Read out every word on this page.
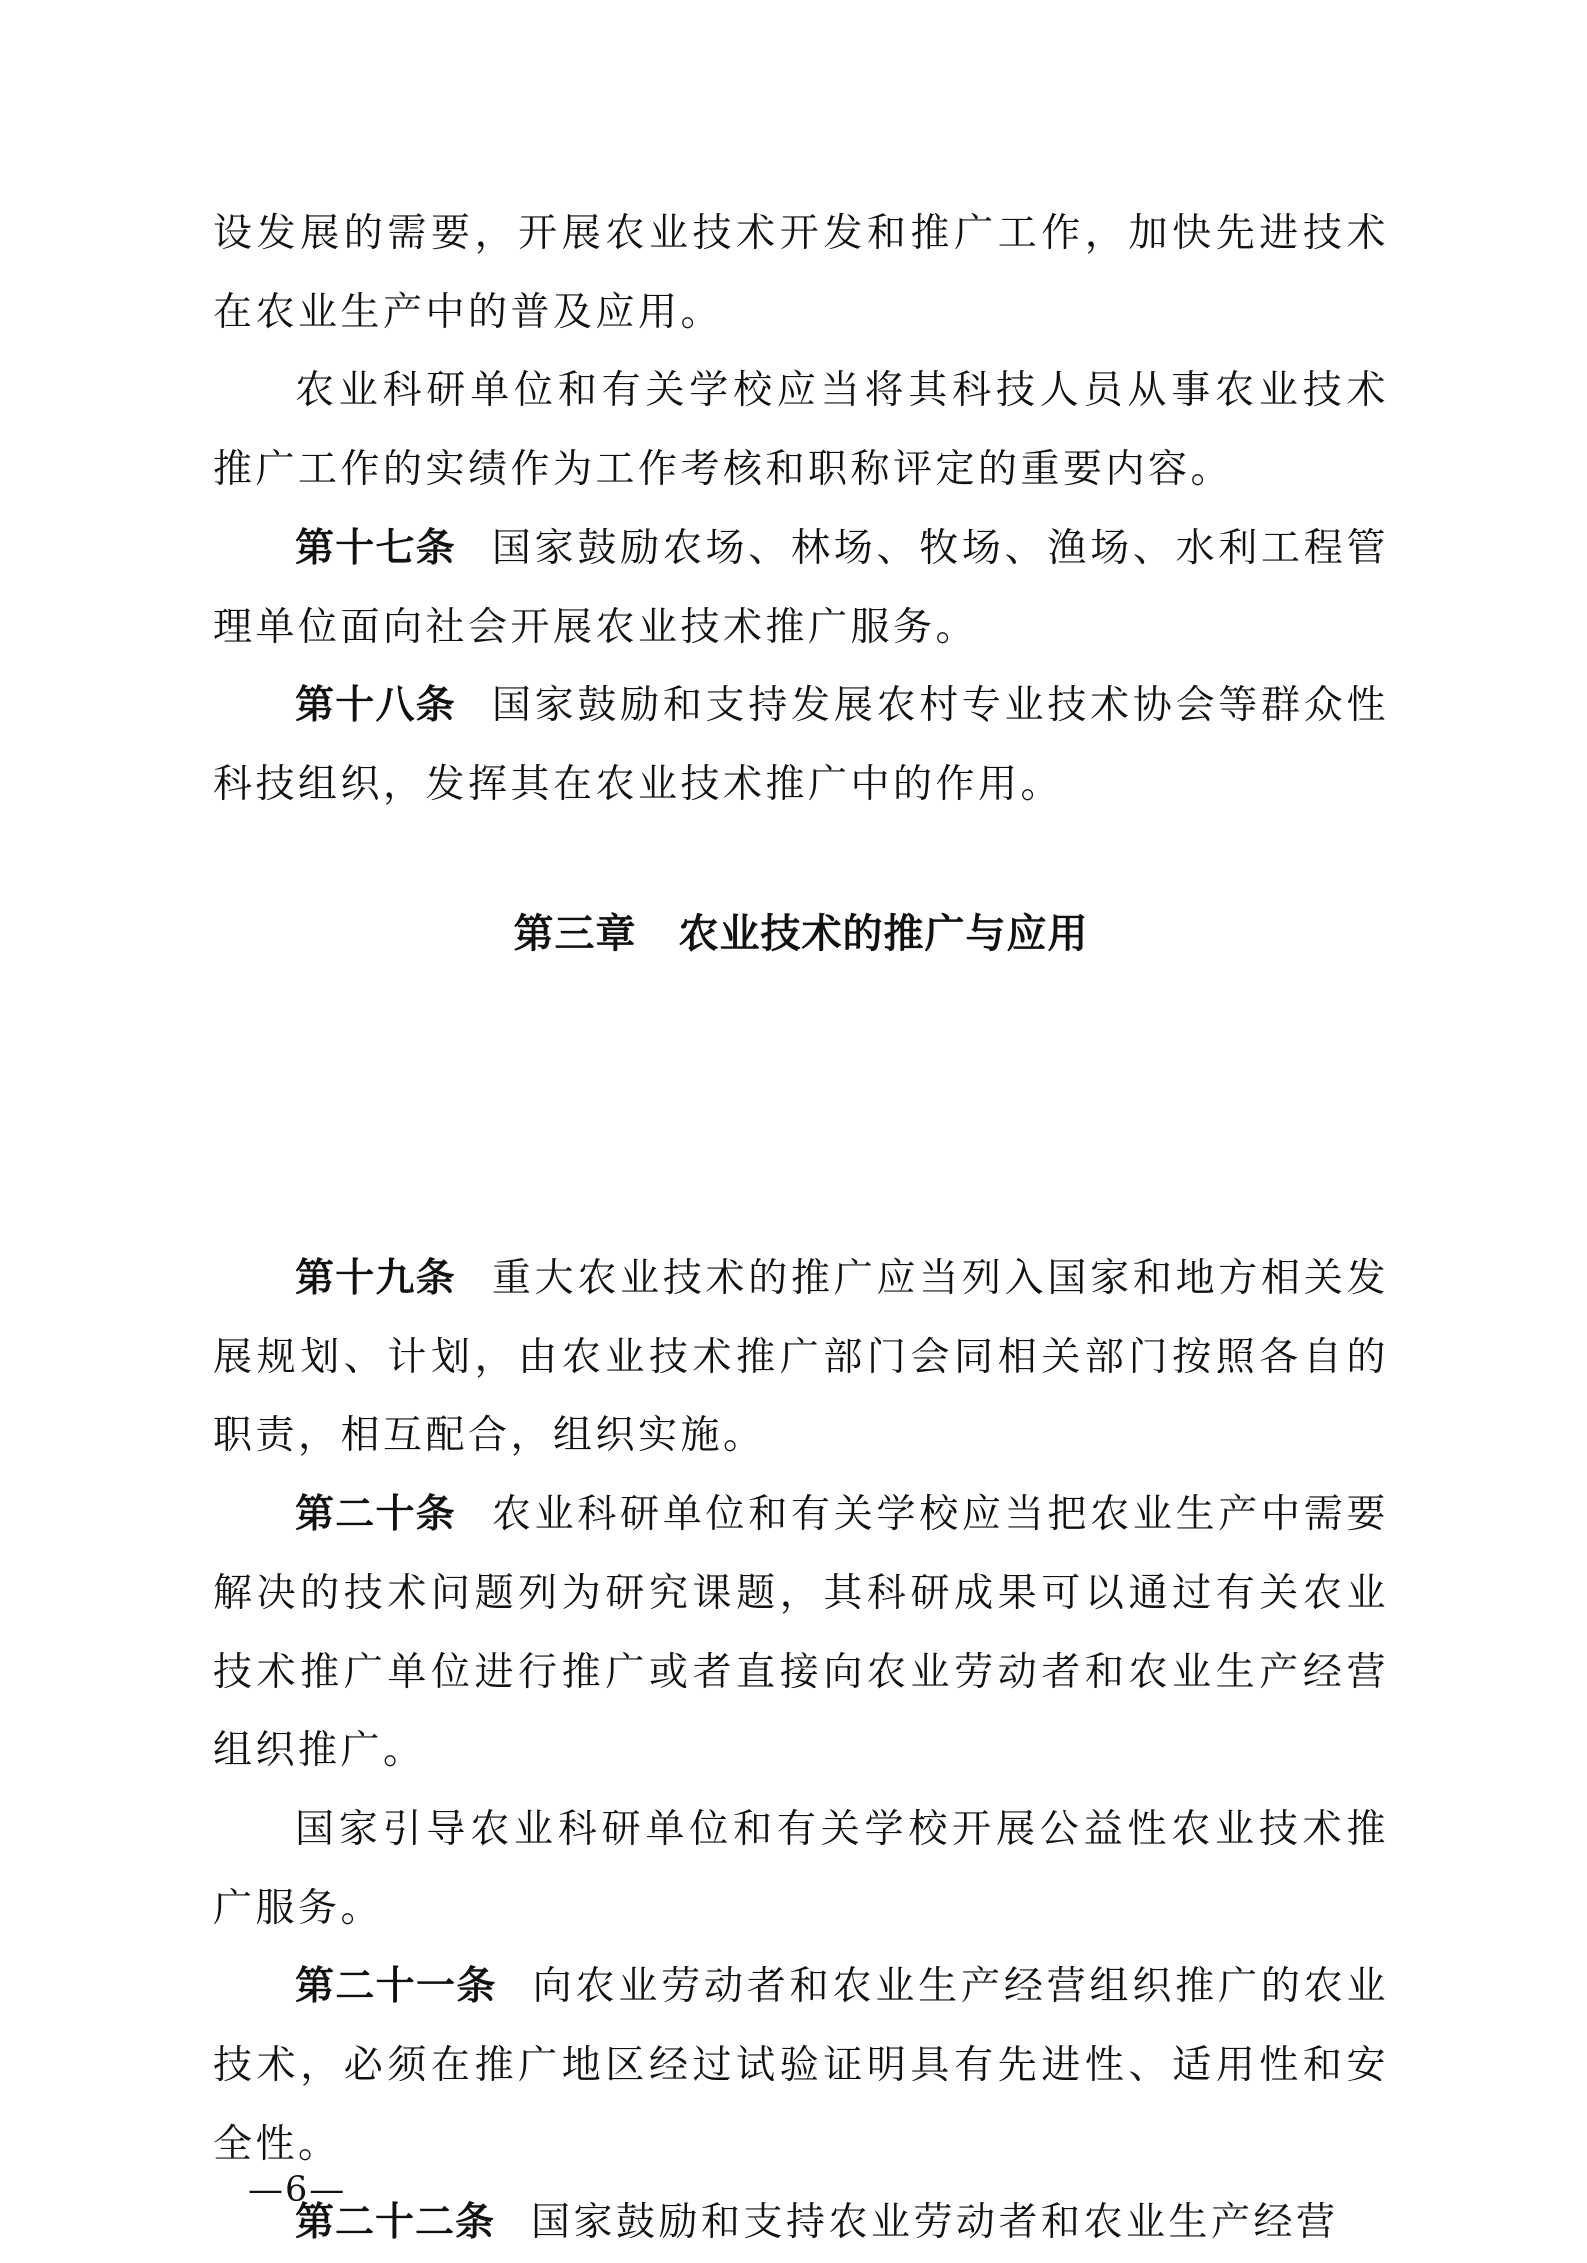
设发展的需要，开展农业技术开发和推广工作，加快先进技术在农业生产中的普及应用。

农业科研单位和有关学校应当将其科技人员从事农业技术推广工作的实绩作为工作考核和职称评定的重要内容。

第十七条 国家鼓励农场、林场、牧场、渔场、水利工程管理单位面向社会开展农业技术推广服务。

第十八条 国家鼓励和支持发展农村专业技术协会等群众性科技组织，发挥其在农业技术推广中的作用。

第三章 农业技术的推广与应用

第十九条 重大农业技术的推广应当列入国家和地方相关发展规划、计划，由农业技术推广部门会同相关部门按照各自的职责，相互配合，组织实施。

第二十条 农业科研单位和有关学校应当把农业生产中需要解决的技术问题列为研究课题，其科研成果可以通过有关农业技术推广单位进行推广或者直接向农业劳动者和农业生产经营组织推广。

国家引导农业科研单位和有关学校开展公益性农业技术推广服务。

第二十一条 向农业劳动者和农业生产经营组织推广的农业技术，必须在推广地区经过试验证明具有先进性、适用性和安全性。

第二十二条 国家鼓励和支持农业劳动者和农业生产经营

—6—
